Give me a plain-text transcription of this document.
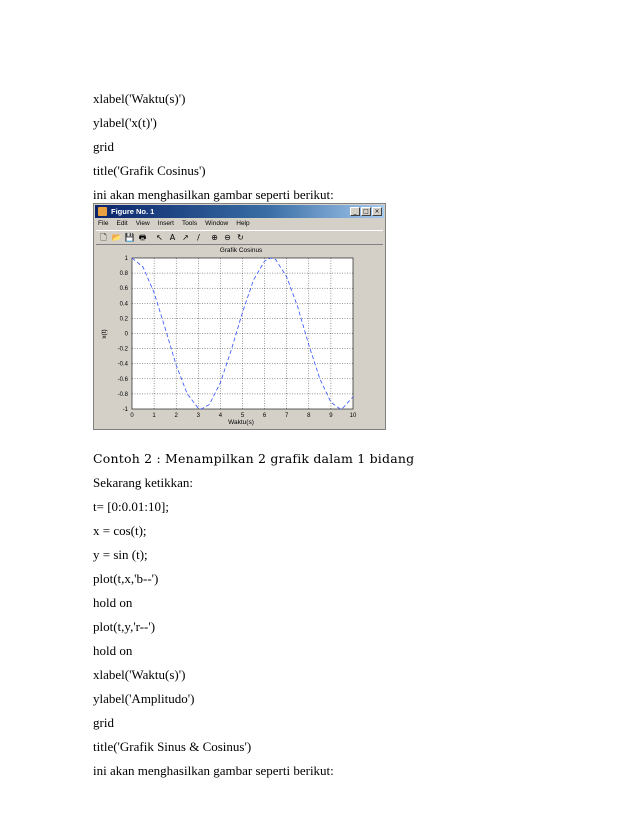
xlabel('Waktu(s)')
ylabel('x(t)')
grid
title('Grafik Cosinus')
ini akan menghasilkan gambar seperti berikut:
Figure No. 1	_	□ ×
File Edit View Insert Tools Window Help
🗋 📂 💾 🖶 ↖ A ↗	/	⊕ ⊖ ↻
Grafik Cosinus
0	1	2	3	4	5	6	7	8	9	10
-1
-0.8
-0.6
-0.4
-0.2
0
0.2
0.4
0.6
0.8
1
Waktu(s)
x(t)
Contoh 2 : Menampilkan 2 grafik dalam 1 bidang
Sekarang ketikkan:
t= [0:0.01:10];
x = cos(t);
y = sin (t);
plot(t,x,'b--')
hold on
plot(t,y,'r--')
hold on
xlabel('Waktu(s)')
ylabel('Amplitudo')
grid
title('Grafik Sinus & Cosinus')
ini akan menghasilkan gambar seperti berikut:
